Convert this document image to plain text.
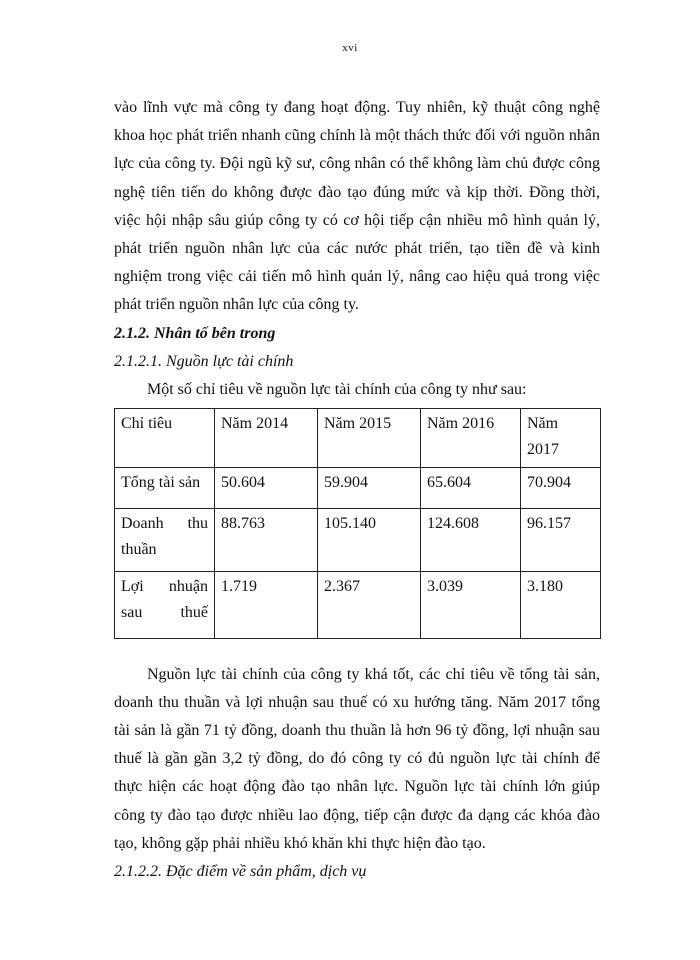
xvi

vào lĩnh vực mà công ty đang hoạt động. Tuy nhiên, kỹ thuật công nghệ khoa học phát triển nhanh cũng chính là một thách thức đối với nguồn nhân lực của công ty. Đội ngũ kỹ sư, công nhân có thể không làm chủ được công nghệ tiên tiến do không được đào tạo đúng mức và kịp thời. Đồng thời, việc hội nhập sâu giúp công ty có cơ hội tiếp cận nhiều mô hình quản lý, phát triển nguồn nhân lực của các nước phát triển, tạo tiền đề và kinh nghiệm trong việc cải tiến mô hình quản lý, nâng cao hiệu quả trong việc phát triển nguồn nhân lực của công ty.

2.1.2. Nhân tố bên trong

2.1.2.1. Nguồn lực tài chính

Một số chỉ tiêu về nguồn lực tài chính của công ty như sau:

Chỉ tiêu	Năm 2014	Năm 2015	Năm 2016	Năm 2017
Tổng tài sản	50.604	59.904	65.604	70.904
Doanh thu thuần	88.763	105.140	124.608	96.157
Lợi nhuận sau thuế	1.719	2.367	3.039	3.180

Nguồn lực tài chính của công ty khá tốt, các chỉ tiêu về tổng tài sản, doanh thu thuần và lợi nhuận sau thuế có xu hướng tăng. Năm 2017 tổng tài sản là gần 71 tỷ đồng, doanh thu thuần là hơn 96 tỷ đồng, lợi nhuận sau thuế là gần gần 3,2 tỷ đồng, do đó công ty có đủ nguồn lực tài chính để thực hiện các hoạt động đào tạo nhân lực. Nguồn lực tài chính lớn giúp công ty đào tạo được nhiều lao động, tiếp cận được đa dạng các khóa đào tạo, không gặp phải nhiều khó khăn khi thực hiện đào tạo.

2.1.2.2. Đặc điểm về sản phẩm, dịch vụ
